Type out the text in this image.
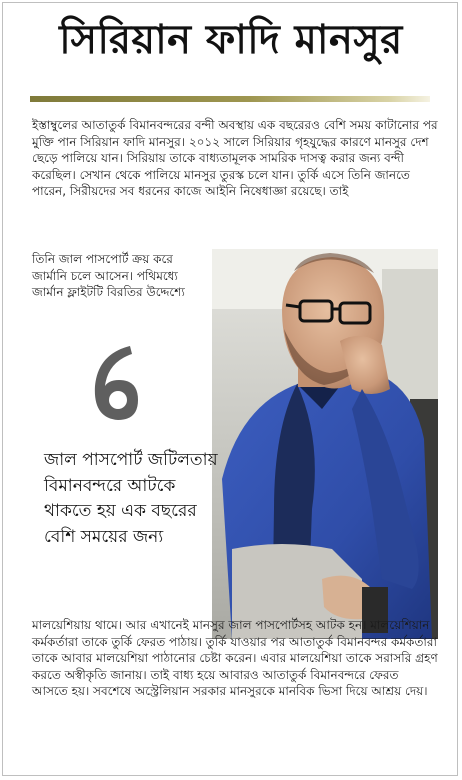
সিরিয়ান ফাদি মানসুর

ইস্তাম্বুলের আতাতুর্ক বিমানবন্দরের বন্দী অবস্থায় এক বছরেরও বেশি সময় কাটানোর পর মুক্তি পান সিরিয়ান ফাদি মানসুর। ২০১২ সালে সিরিয়ার গৃহযুদ্ধের কারণে মানসুর দেশ ছেড়ে পালিয়ে যান। সিরিয়ায় তাকে বাধ্যতামূলক সামরিক দাসত্ব করার জন্য বন্দী করেছিল। সেখান থেকে পালিয়ে মানসুর তুরস্ক চলে যান। তুর্কি এসে তিনি জানতে পারেন, সিরীয়দের সব ধরনের কাজে আইনি নিষেধাজ্ঞা রয়েছে। তাই

তিনি জাল পাসপোর্ট ক্রয় করে জার্মানি চলে আসেন। পথিমধ্যে জার্মান ফ্লাইটটি বিরতির উদ্দেশ্যে

জাল পাসপোর্ট জটিলতায় বিমানবন্দরে আটকে থাকতে হয় এক বছরের বেশি সময়ের জন্য

মালয়েশিয়ায় থামে। আর এখানেই মানসুর জাল পাসপোর্টসহ আটক হন। মালয়েশিয়ান কর্মকর্তারা তাকে তুর্কি ফেরত পাঠায়। তুর্কি যাওয়ার পর আতাতুর্ক বিমানবন্দর কর্মকর্তারা তাকে আবার মালয়েশিয়া পাঠানোর চেষ্টা করেন। এবার মালয়েশিয়া তাকে সরাসরি গ্রহণ করতে অস্বীকৃতি জানায়। তাই বাধ্য হয়ে আবারও আতাতুর্ক বিমানবন্দরে ফেরত আসতে হয়। সবশেষে অস্ট্রেলিয়ান সরকার মানসুরকে মানবিক ভিসা দিয়ে আশ্রয় দেয়।
